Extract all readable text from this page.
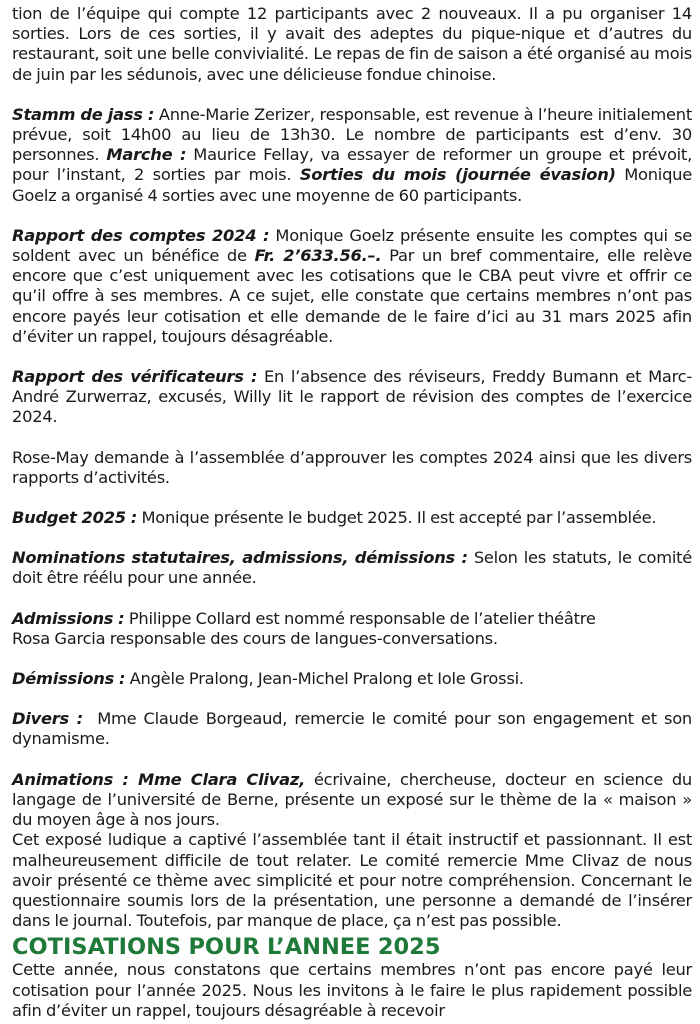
tion de l’équipe qui compte 12 participants avec 2 nouveaux. Il a pu organiser 14 sorties. Lors de ces sorties, il y avait des adeptes du pique-nique et d’autres du restaurant, soit une belle convivialité. Le repas de fin de saison a été organisé au mois de juin par les sédunois, avec une délicieuse fondue chinoise.

Stamm de jass : Anne-Marie Zerizer, responsable, est revenue à l’heure initialement prévue, soit 14h00 au lieu de 13h30. Le nombre de participants est d’env. 30 personnes. Marche : Maurice Fellay, va essayer de reformer un groupe et prévoit, pour l’instant, 2 sorties par mois. Sorties du mois (journée évasion) Monique Goelz a organisé 4 sorties avec une moyenne de 60 participants.

Rapport des comptes 2024 : Monique Goelz présente ensuite les comptes qui se soldent avec un bénéfice de Fr. 2’633.56.–. Par un bref commentaire, elle relève encore que c’est uniquement avec les cotisations que le CBA peut vivre et offrir ce qu’il offre à ses membres. A ce sujet, elle constate que certains membres n’ont pas encore payés leur cotisation et elle demande de le faire d’ici au 31 mars 2025 afin d’éviter un rappel, toujours désagréable.

Rapport des vérificateurs : En l’absence des réviseurs, Freddy Bumann et Marc-André Zurwerraz, excusés, Willy lit le rapport de révision des comptes de l’exercice 2024.

Rose-May demande à l’assemblée d’approuver les comptes 2024 ainsi que les divers rapports d’activités.

Budget 2025 : Monique présente le budget 2025. Il est accepté par l’assemblée.

Nominations statutaires, admissions, démissions : Selon les statuts, le comité doit être réélu pour une année.

Admissions : Philippe Collard est nommé responsable de l’atelier théâtre
Rosa Garcia responsable des cours de langues-conversations.

Démissions : Angèle Pralong, Jean-Michel Pralong et Iole Grossi.

Divers :  Mme Claude Borgeaud, remercie le comité pour son engagement et son dynamisme.

Animations : Mme Clara Clivaz, écrivaine, chercheuse, docteur en science du langage de l’université de Berne, présente un exposé sur le thème de la « maison » du moyen âge à nos jours.

Cet exposé ludique a captivé l’assemblée tant il était instructif et passionnant. Il est malheureusement difficile de tout relater. Le comité remercie Mme Clivaz de nous avoir présenté ce thème avec simplicité et pour notre compréhension. Concernant le questionnaire soumis lors de la présentation, une personne a demandé de l’insérer dans le journal. Toutefois, par manque de place, ça n’est pas possible.

COTISATIONS POUR L’ANNEE 2025

Cette année, nous constatons que certains membres n’ont pas encore payé leur cotisation pour l’année 2025. Nous les invitons à le faire le plus rapidement possible afin d’éviter un rappel, toujours désagréable à recevoir
